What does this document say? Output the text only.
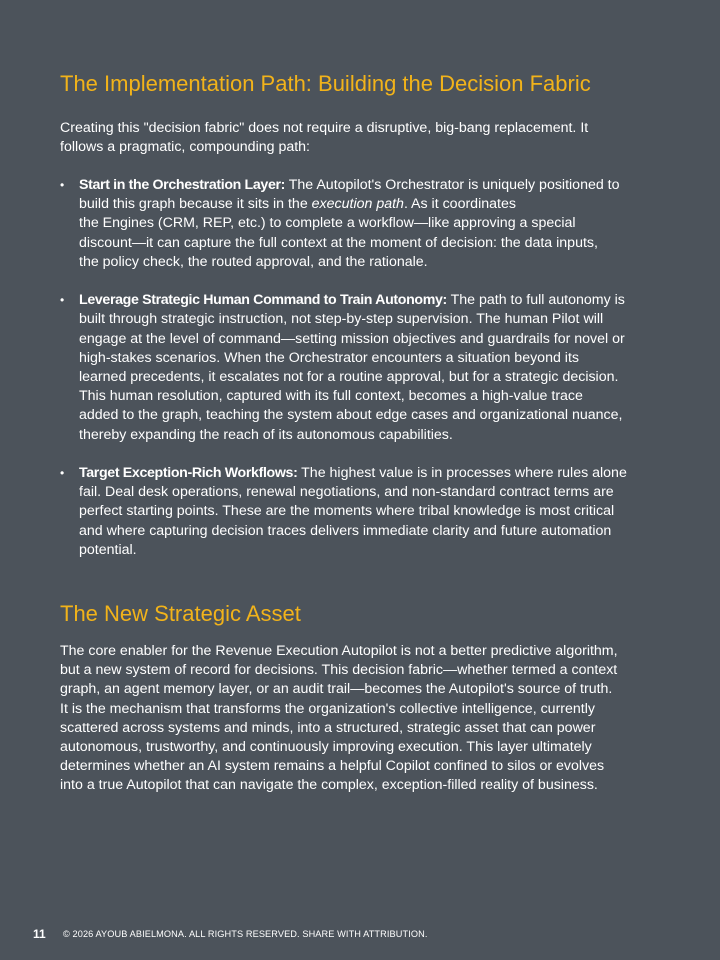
The Implementation Path: Building the Decision Fabric

Creating this "decision fabric" does not require a disruptive, big-bang replacement. It
follows a pragmatic, compounding path:

• Start in the Orchestration Layer: The Autopilot's Orchestrator is uniquely positioned to
build this graph because it sits in the execution path. As it coordinates
the Engines (CRM, REP, etc.) to complete a workflow—like approving a special
discount—it can capture the full context at the moment of decision: the data inputs,
the policy check, the routed approval, and the rationale.
• Leverage Strategic Human Command to Train Autonomy: The path to full autonomy is
built through strategic instruction, not step-by-step supervision. The human Pilot will
engage at the level of command—setting mission objectives and guardrails for novel or
high-stakes scenarios. When the Orchestrator encounters a situation beyond its
learned precedents, it escalates not for a routine approval, but for a strategic decision.
This human resolution, captured with its full context, becomes a high-value trace
added to the graph, teaching the system about edge cases and organizational nuance,
thereby expanding the reach of its autonomous capabilities.
• Target Exception-Rich Workflows: The highest value is in processes where rules alone
fail. Deal desk operations, renewal negotiations, and non-standard contract terms are
perfect starting points. These are the moments where tribal knowledge is most critical
and where capturing decision traces delivers immediate clarity and future automation
potential.
The New Strategic Asset

The core enabler for the Revenue Execution Autopilot is not a better predictive algorithm,
but a new system of record for decisions. This decision fabric—whether termed a context
graph, an agent memory layer, or an audit trail—becomes the Autopilot's source of truth.
It is the mechanism that transforms the organization's collective intelligence, currently
scattered across systems and minds, into a structured, strategic asset that can power
autonomous, trustworthy, and continuously improving execution. This layer ultimately
determines whether an AI system remains a helpful Copilot confined to silos or evolves
into a true Autopilot that can navigate the complex, exception-filled reality of business.

11	© 2026 AYOUB ABIELMONA. ALL RIGHTS RESERVED. SHARE WITH ATTRIBUTION.
